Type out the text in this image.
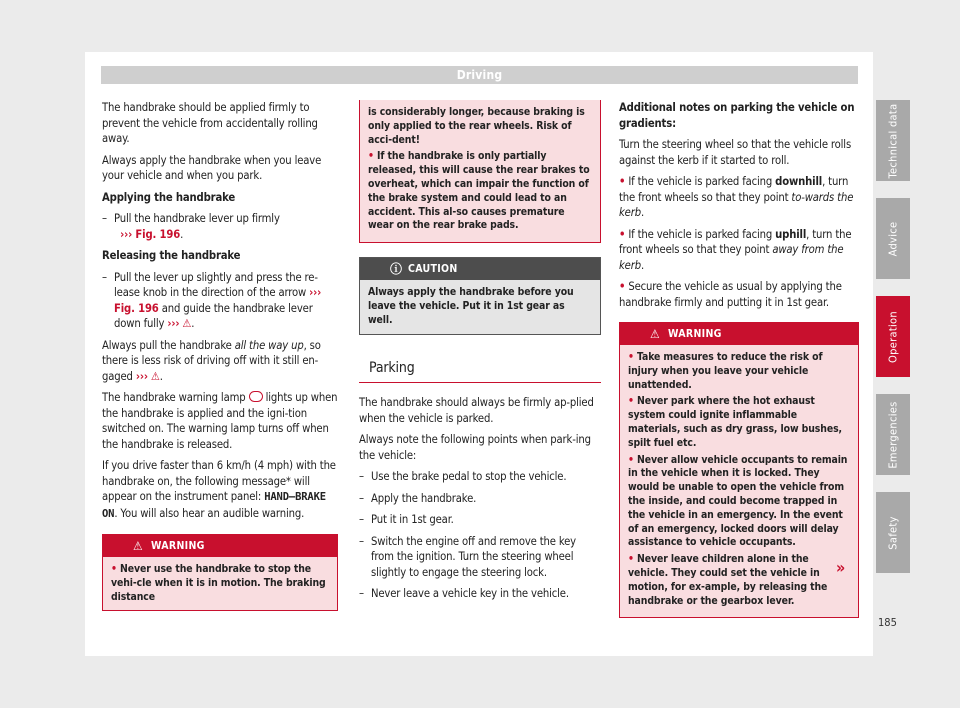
Driving

The handbrake should be applied firmly to prevent the vehicle from accidentally rolling away.

Always apply the handbrake when you leave your vehicle and when you park.

Applying the handbrake

– Pull the handbrake lever up firmly
››› Fig. 196.

Releasing the handbrake

– Pull the lever up slightly and press the re-lease knob in the direction of the arrow ››› Fig. 196 and guide the handbrake lever down fully ››› ⚠.

Always pull the handbrake all the way up, so there is less risk of driving off with it still en-gaged ››› ⚠.

The handbrake warning lamp lights up when the handbrake is applied and the igni-tion switched on. The warning lamp turns off when the handbrake is released.

If you drive faster than 6 km/h (4 mph) with the handbrake on, the following message* will appear on the instrument panel: HAND–BRAKE ON. You will also hear an audible warning.

⚠ WARNING
• Never use the handbrake to stop the vehi-cle when it is in motion. The braking distance

is considerably longer, because braking is only applied to the rear wheels. Risk of acci-dent!

• If the handbrake is only partially released, this will cause the rear brakes to overheat, which can impair the function of the brake system and could lead to an accident. This al-so causes premature wear on the rear brake pads.

ⓘ CAUTION
Always apply the handbrake before you leave the vehicle. Put it in 1st gear as well.
Parking

The handbrake should always be firmly ap-plied when the vehicle is parked.

Always note the following points when park-ing the vehicle:

– Use the brake pedal to stop the vehicle.
– Apply the handbrake.
– Put it in 1st gear.
– Switch the engine off and remove the key from the ignition. Turn the steering wheel slightly to engage the steering lock.
– Never leave a vehicle key in the vehicle.

Additional notes on parking the vehicle on gradients:

Turn the steering wheel so that the vehicle rolls against the kerb if it started to roll.

• If the vehicle is parked facing downhill, turn the front wheels so that they point to-wards the kerb.

• If the vehicle is parked facing uphill, turn the front wheels so that they point away from the kerb.

• Secure the vehicle as usual by applying the handbrake firmly and putting it in 1st gear.

⚠ WARNING

• Take measures to reduce the risk of injury when you leave your vehicle unattended.

• Never park where the hot exhaust system could ignite inflammable materials, such as dry grass, low bushes, spilt fuel etc.

• Never allow vehicle occupants to remain in the vehicle when it is locked. They would be unable to open the vehicle from the inside, and could become trapped in the vehicle in an emergency. In the event of an emergency, locked doors will delay assistance to vehicle occupants.

• Never leave children alone in the vehicle. They could set the vehicle in motion, for ex-ample, by releasing the handbrake or the gearbox lever.

»
Technical data
Advice
Operation
Emergencies
Safety
185
